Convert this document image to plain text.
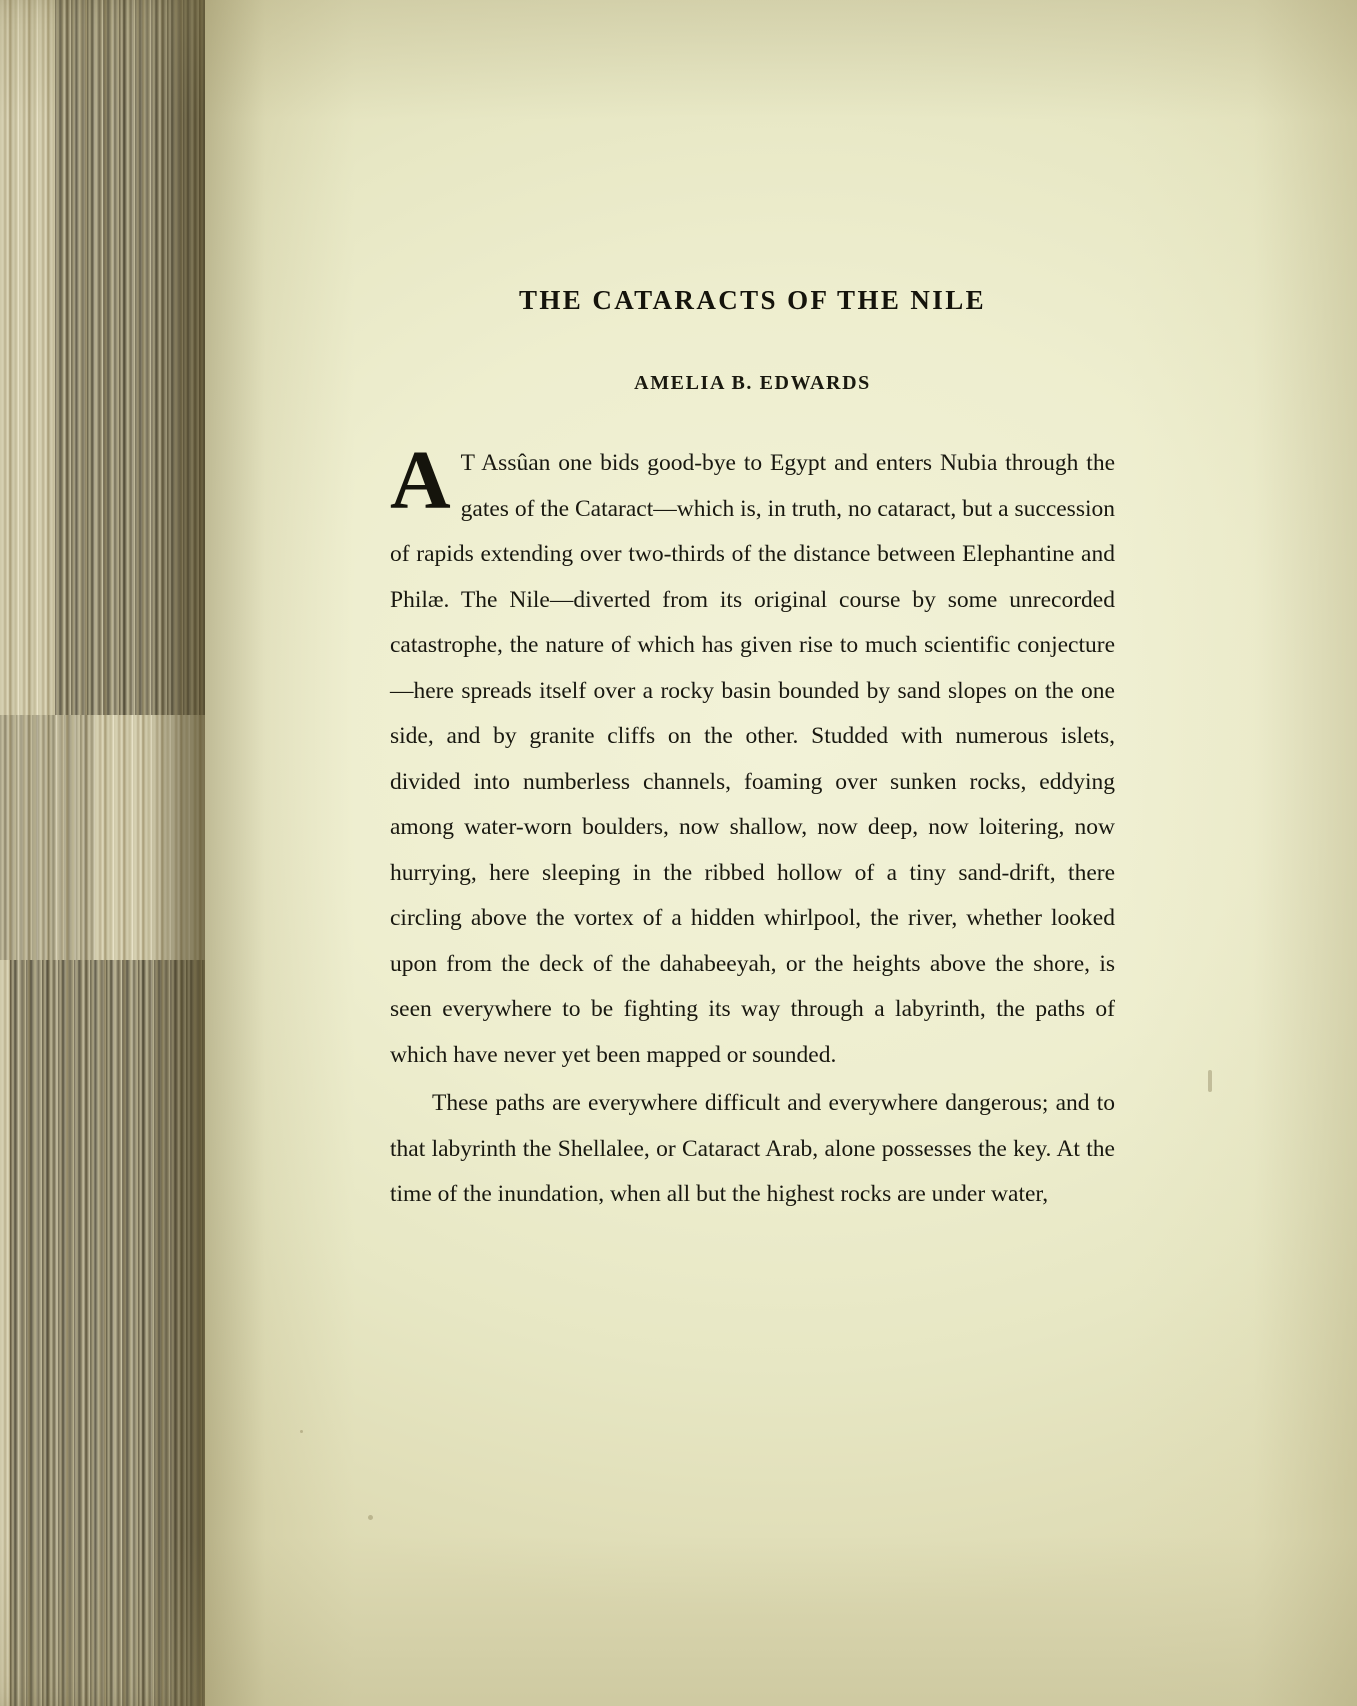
THE CATARACTS OF THE NILE
AMELIA B. EDWARDS

A T Assûan one bids good-bye to Egypt and enters Nubia through the gates of the Cataract—which is, in truth, no cataract, but a succession of rapids extending over two-thirds of the distance between Elephantine and Philæ. The Nile—diverted from its original course by some unrecorded catastrophe, the nature of which has given rise to much scientific conjecture—here spreads itself over a rocky basin bounded by sand slopes on the one side, and by granite cliffs on the other. Studded with numerous islets, divided into numberless channels, foaming over sunken rocks, eddying among water-worn boulders, now shallow, now deep, now loitering, now hurrying, here sleeping in the ribbed hollow of a tiny sand-drift, there circling above the vortex of a hidden whirlpool, the river, whether looked upon from the deck of the dahabeeyah, or the heights above the shore, is seen everywhere to be fighting its way through a labyrinth, the paths of which have never yet been mapped or sounded.

These paths are everywhere difficult and everywhere dangerous; and to that labyrinth the Shellalee, or Cataract Arab, alone possesses the key. At the time of the inundation, when all but the highest rocks are under water,
